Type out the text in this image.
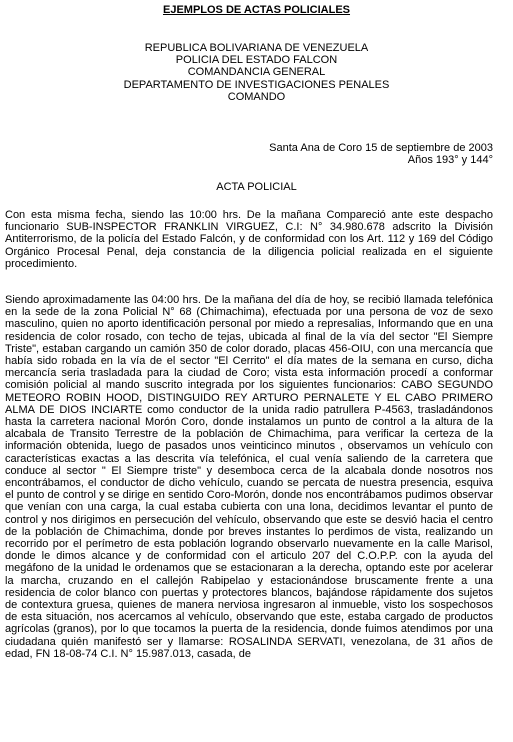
EJEMPLOS DE ACTAS POLICIALES
REPUBLICA BOLIVARIANA DE VENEZUELA
POLICIA DEL ESTADO FALCON
COMANDANCIA GENERAL
DEPARTAMENTO DE INVESTIGACIONES PENALES
COMANDO
Santa Ana de Coro 15 de septiembre de 2003
Años 193° y 144°
ACTA POLICIAL
Con esta misma fecha, siendo las 10:00 hrs. De la mañana Compareció ante este despacho funcionario SUB-INSPECTOR FRANKLIN VIRGUEZ, C.I: N° 34.980.678 adscrito la División Antiterrorismo, de la policía del Estado Falcón, y de conformidad con los Art. 112 y 169 del Código Orgánico Procesal Penal, deja constancia de la diligencia policial realizada en el siguiente procedimiento.
Siendo aproximadamente las 04:00 hrs. De la mañana del día de hoy, se recibió llamada telefónica en la sede de la zona Policial N° 68 (Chimachima), efectuada por una persona de voz de sexo masculino, quien no aporto identificación personal por miedo a represalias, Informando que en una residencia de color rosado, con techo de tejas, ubicada al final de la vía del sector "El Siempre Triste", estaban cargando un camión 350 de color dorado, placas 456-OIU, con una mercancía que había sido robada en la vía de el sector "El Cerrito" el día mates de la semana en curso, dicha mercancía seria trasladada para la ciudad de Coro; vista esta información procedí a conformar comisión policial al mando suscrito integrada por los siguientes funcionarios: CABO SEGUNDO METEORO ROBIN HOOD, DISTINGUIDO REY ARTURO PERNALETE Y EL CABO PRIMERO ALMA DE DIOS INCIARTE como conductor de la unida radio patrullera P-4563, trasladándonos hasta la carretera nacional Morón Coro, donde instalamos un punto de control a la altura de la alcabala de Transito Terrestre de la población de Chimachima, para verificar la certeza de la información obtenida, luego de pasados unos veinticinco minutos , observamos un vehículo con características exactas a las descrita vía telefónica, el cual venía saliendo de la carretera que conduce al sector " El Siempre triste" y desemboca cerca de la alcabala donde nosotros nos encontrábamos, el conductor de dicho vehículo, cuando se percata de nuestra presencia, esquiva el punto de control y se dirige en sentido Coro-Morón, donde nos encontrábamos pudimos observar que venían con una carga, la cual estaba cubierta con una lona, decidimos levantar el punto de control y nos dirigimos en persecución del vehículo, observando que este se desvió hacia el centro de la población de Chimachima, donde por breves instantes lo perdimos de vista, realizando un recorrido por el perímetro de esta población logrando observarlo nuevamente en la calle Marisol, donde le dimos alcance y de conformidad con el articulo 207 del C.O.P.P. con la ayuda del megáfono de la unidad le ordenamos que se estacionaran a la derecha, optando este por acelerar la marcha, cruzando en el callejón Rabipelao y estacionándose bruscamente frente a una residencia de color blanco con puertas y protectores blancos, bajándose rápidamente dos sujetos de contextura gruesa, quienes de manera nerviosa ingresaron al inmueble, visto los sospechosos de esta situación, nos acercamos al vehículo, observando que este, estaba cargado de productos agrícolas (granos), por lo que tocamos la puerta de la residencia, donde fuimos atendimos por una ciudadana quién manifestó ser y llamarse: ROSALINDA SERVATI, venezolana, de 31 años de edad, FN 18-08-74 C.I. N° 15.987.013, casada, de
